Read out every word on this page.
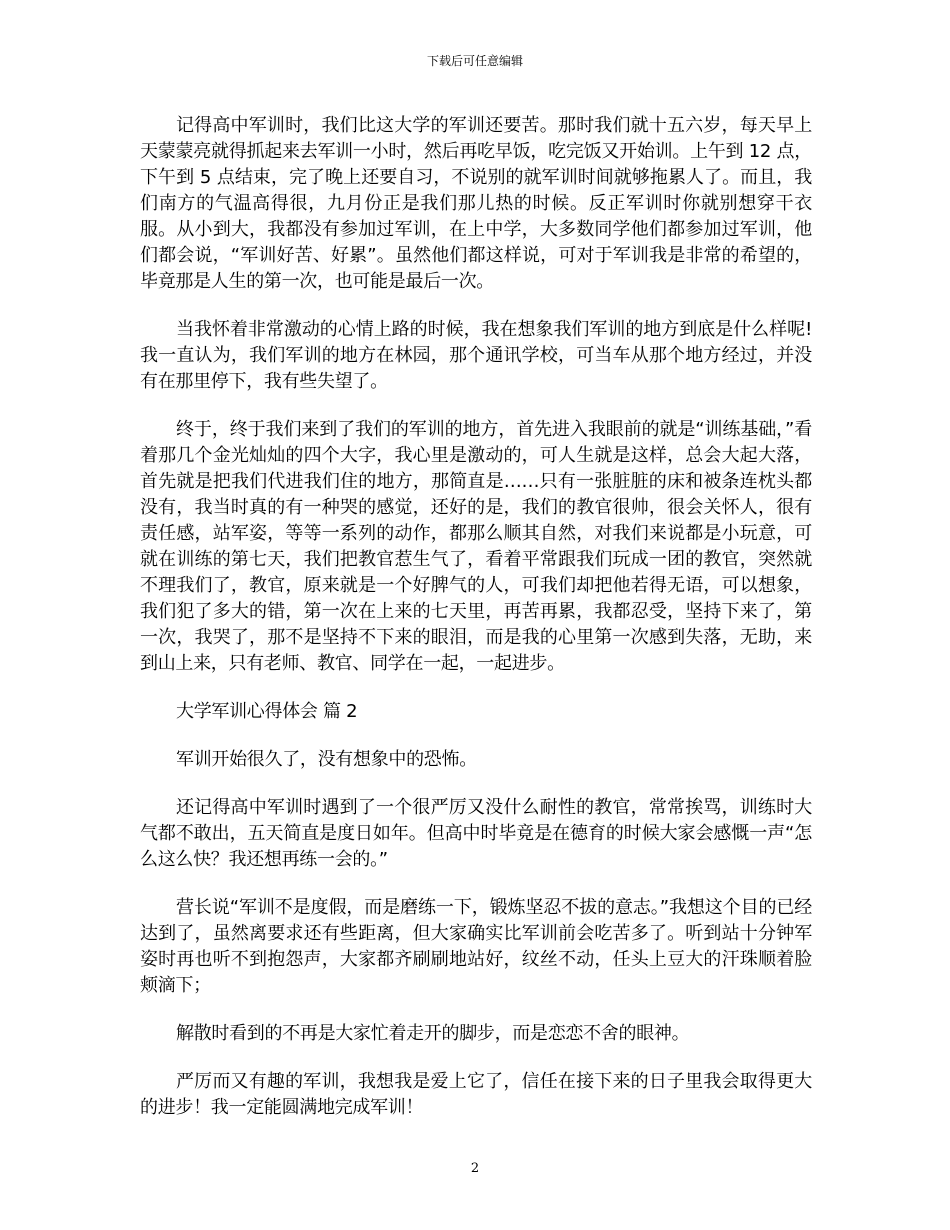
下载后可任意编辑

记得高中军训时，我们比这大学的军训还要苦。那时我们就十五六岁，每天早上天蒙蒙亮就得抓起来去军训一小时，然后再吃早饭，吃完饭又开始训。上午到 12 点，下午到 5 点结束，完了晚上还要自习，不说别的就军训时间就够拖累人了。而且，我们南方的气温高得很，九月份正是我们那儿热的时候。反正军训时你就别想穿干衣服。从小到大，我都没有参加过军训，在上中学，大多数同学他们都参加过军训，他们都会说，“军训好苦、好累”。虽然他们都这样说，可对于军训我是非常的希望的，毕竟那是人生的第一次，也可能是最后一次。

当我怀着非常激动的心情上路的时候，我在想象我们军训的地方到底是什么样呢!我一直认为，我们军训的地方在林园，那个通讯学校，可当车从那个地方经过，并没有在那里停下，我有些失望了。

终于，终于我们来到了我们的军训的地方，首先进入我眼前的就是“训练基础，”看着那几个金光灿灿的四个大字，我心里是激动的，可人生就是这样，总会大起大落，首先就是把我们代进我们住的地方，那简直是……只有一张脏脏的床和被条连枕头都没有，我当时真的有一种哭的感觉，还好的是，我们的教官很帅，很会关怀人，很有责任感，站军姿，等等一系列的动作，都那么顺其自然，对我们来说都是小玩意，可就在训练的第七天，我们把教官惹生气了，看着平常跟我们玩成一团的教官，突然就不理我们了，教官，原来就是一个好脾气的人，可我们却把他若得无语，可以想象，我们犯了多大的错，第一次在上来的七天里，再苦再累，我都忍受，坚持下来了，第一次，我哭了，那不是坚持不下来的眼泪，而是我的心里第一次感到失落，无助，来到山上来，只有老师、教官、同学在一起，一起进步。

大学军训心得体会 篇 2

军训开始很久了，没有想象中的恐怖。

还记得高中军训时遇到了一个很严厉又没什么耐性的教官，常常挨骂，训练时大气都不敢出，五天简直是度日如年。但高中时毕竟是在德育的时候大家会感慨一声“怎么这么快？我还想再练一会的。”

营长说“军训不是度假，而是磨练一下，锻炼坚忍不拔的意志。”我想这个目的已经达到了，虽然离要求还有些距离，但大家确实比军训前会吃苦多了。听到站十分钟军姿时再也听不到抱怨声，大家都齐刷刷地站好，纹丝不动，任头上豆大的汗珠顺着脸颊滴下；

解散时看到的不再是大家忙着走开的脚步，而是恋恋不舍的眼神。

严厉而又有趣的军训，我想我是爱上它了，信任在接下来的日子里我会取得更大的进步！我一定能圆满地完成军训！

2
